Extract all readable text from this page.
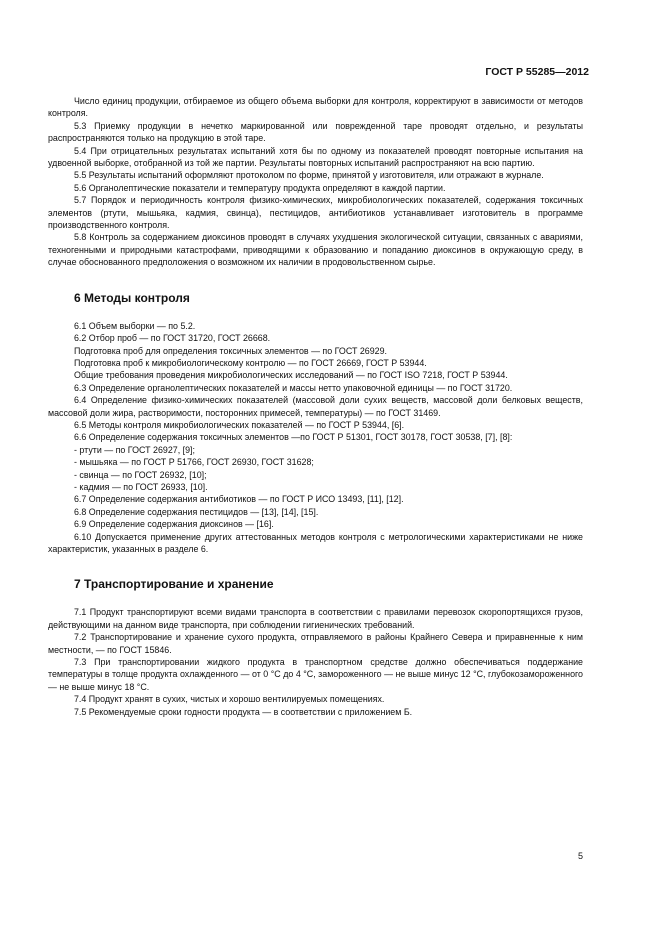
ГОСТ Р 55285—2012

Число единиц продукции, отбираемое из общего объема выборки для контроля, корректируют в зависимости от методов контроля.

5.3 Приемку продукции в нечетко маркированной или поврежденной таре проводят отдельно, и результаты распространяются только на продукцию в этой таре.

5.4 При отрицательных результатах испытаний хотя бы по одному из показателей проводят повторные испытания на удвоенной выборке, отобранной из той же партии. Результаты повторных испытаний распространяют на всю партию.

5.5 Результаты испытаний оформляют протоколом по форме, принятой у изготовителя, или отражают в журнале.

5.6 Органолептические показатели и температуру продукта определяют в каждой партии.

5.7 Порядок и периодичность контроля физико-химических, микробиологических показателей, содержания токсичных элементов (ртути, мышьяка, кадмия, свинца), пестицидов, антибиотиков устанавливает изготовитель в программе производственного контроля.

5.8 Контроль за содержанием диоксинов проводят в случаях ухудшения экологической ситуации, связанных с авариями, техногенными и природными катастрофами, приводящими к образованию и попаданию диоксинов в окружающую среду, в случае обоснованного предположения о возможном их наличии в продовольственном сырье.

6 Методы контроля

6.1 Объем выборки — по 5.2.

6.2 Отбор проб — по ГОСТ 31720, ГОСТ 26668.

Подготовка проб для определения токсичных элементов — по ГОСТ 26929.

Подготовка проб к микробиологическому контролю — по ГОСТ 26669, ГОСТ Р 53944.

Общие требования проведения микробиологических исследований — по ГОСТ ISO 7218, ГОСТ Р 53944.

6.3 Определение органолептических показателей и массы нетто упаковочной единицы — по ГОСТ 31720.

6.4 Определение физико-химических показателей (массовой доли сухих веществ, массовой доли белковых веществ, массовой доли жира, растворимости, посторонних примесей, температуры) — по ГОСТ 31469.

6.5 Методы контроля микробиологических показателей — по ГОСТ Р 53944, [6].

6.6 Определение содержания токсичных элементов —по ГОСТ Р 51301, ГОСТ 30178, ГОСТ 30538, [7], [8]:

- ртути — по ГОСТ 26927, [9];

- мышьяка — по ГОСТ Р 51766, ГОСТ 26930, ГОСТ 31628;

- свинца — по ГОСТ 26932, [10];

- кадмия — по ГОСТ 26933, [10].

6.7 Определение содержания антибиотиков — по ГОСТ Р ИСО 13493, [11], [12].

6.8 Определение содержания пестицидов — [13], [14], [15].

6.9 Определение содержания диоксинов — [16].

6.10 Допускается применение других аттестованных методов контроля с метрологическими характеристиками не ниже характеристик, указанных в разделе 6.

7 Транспортирование и хранение

7.1 Продукт транспортируют всеми видами транспорта в соответствии с правилами перевозок скоропортящихся грузов, действующими на данном виде транспорта, при соблюдении гигиенических требований.

7.2 Транспортирование и хранение сухого продукта, отправляемого в районы Крайнего Севера и приравненные к ним местности, — по ГОСТ 15846.

7.3 При транспортировании жидкого продукта в транспортном средстве должно обеспечиваться поддержание температуры в толще продукта охлажденного — от 0 °С до 4 °С, замороженного — не выше минус 12 °С, глубокозамороженного — не выше минус 18 °С.

7.4 Продукт хранят в сухих, чистых и хорошо вентилируемых помещениях.

7.5 Рекомендуемые сроки годности продукта — в соответствии с приложением Б.

5
